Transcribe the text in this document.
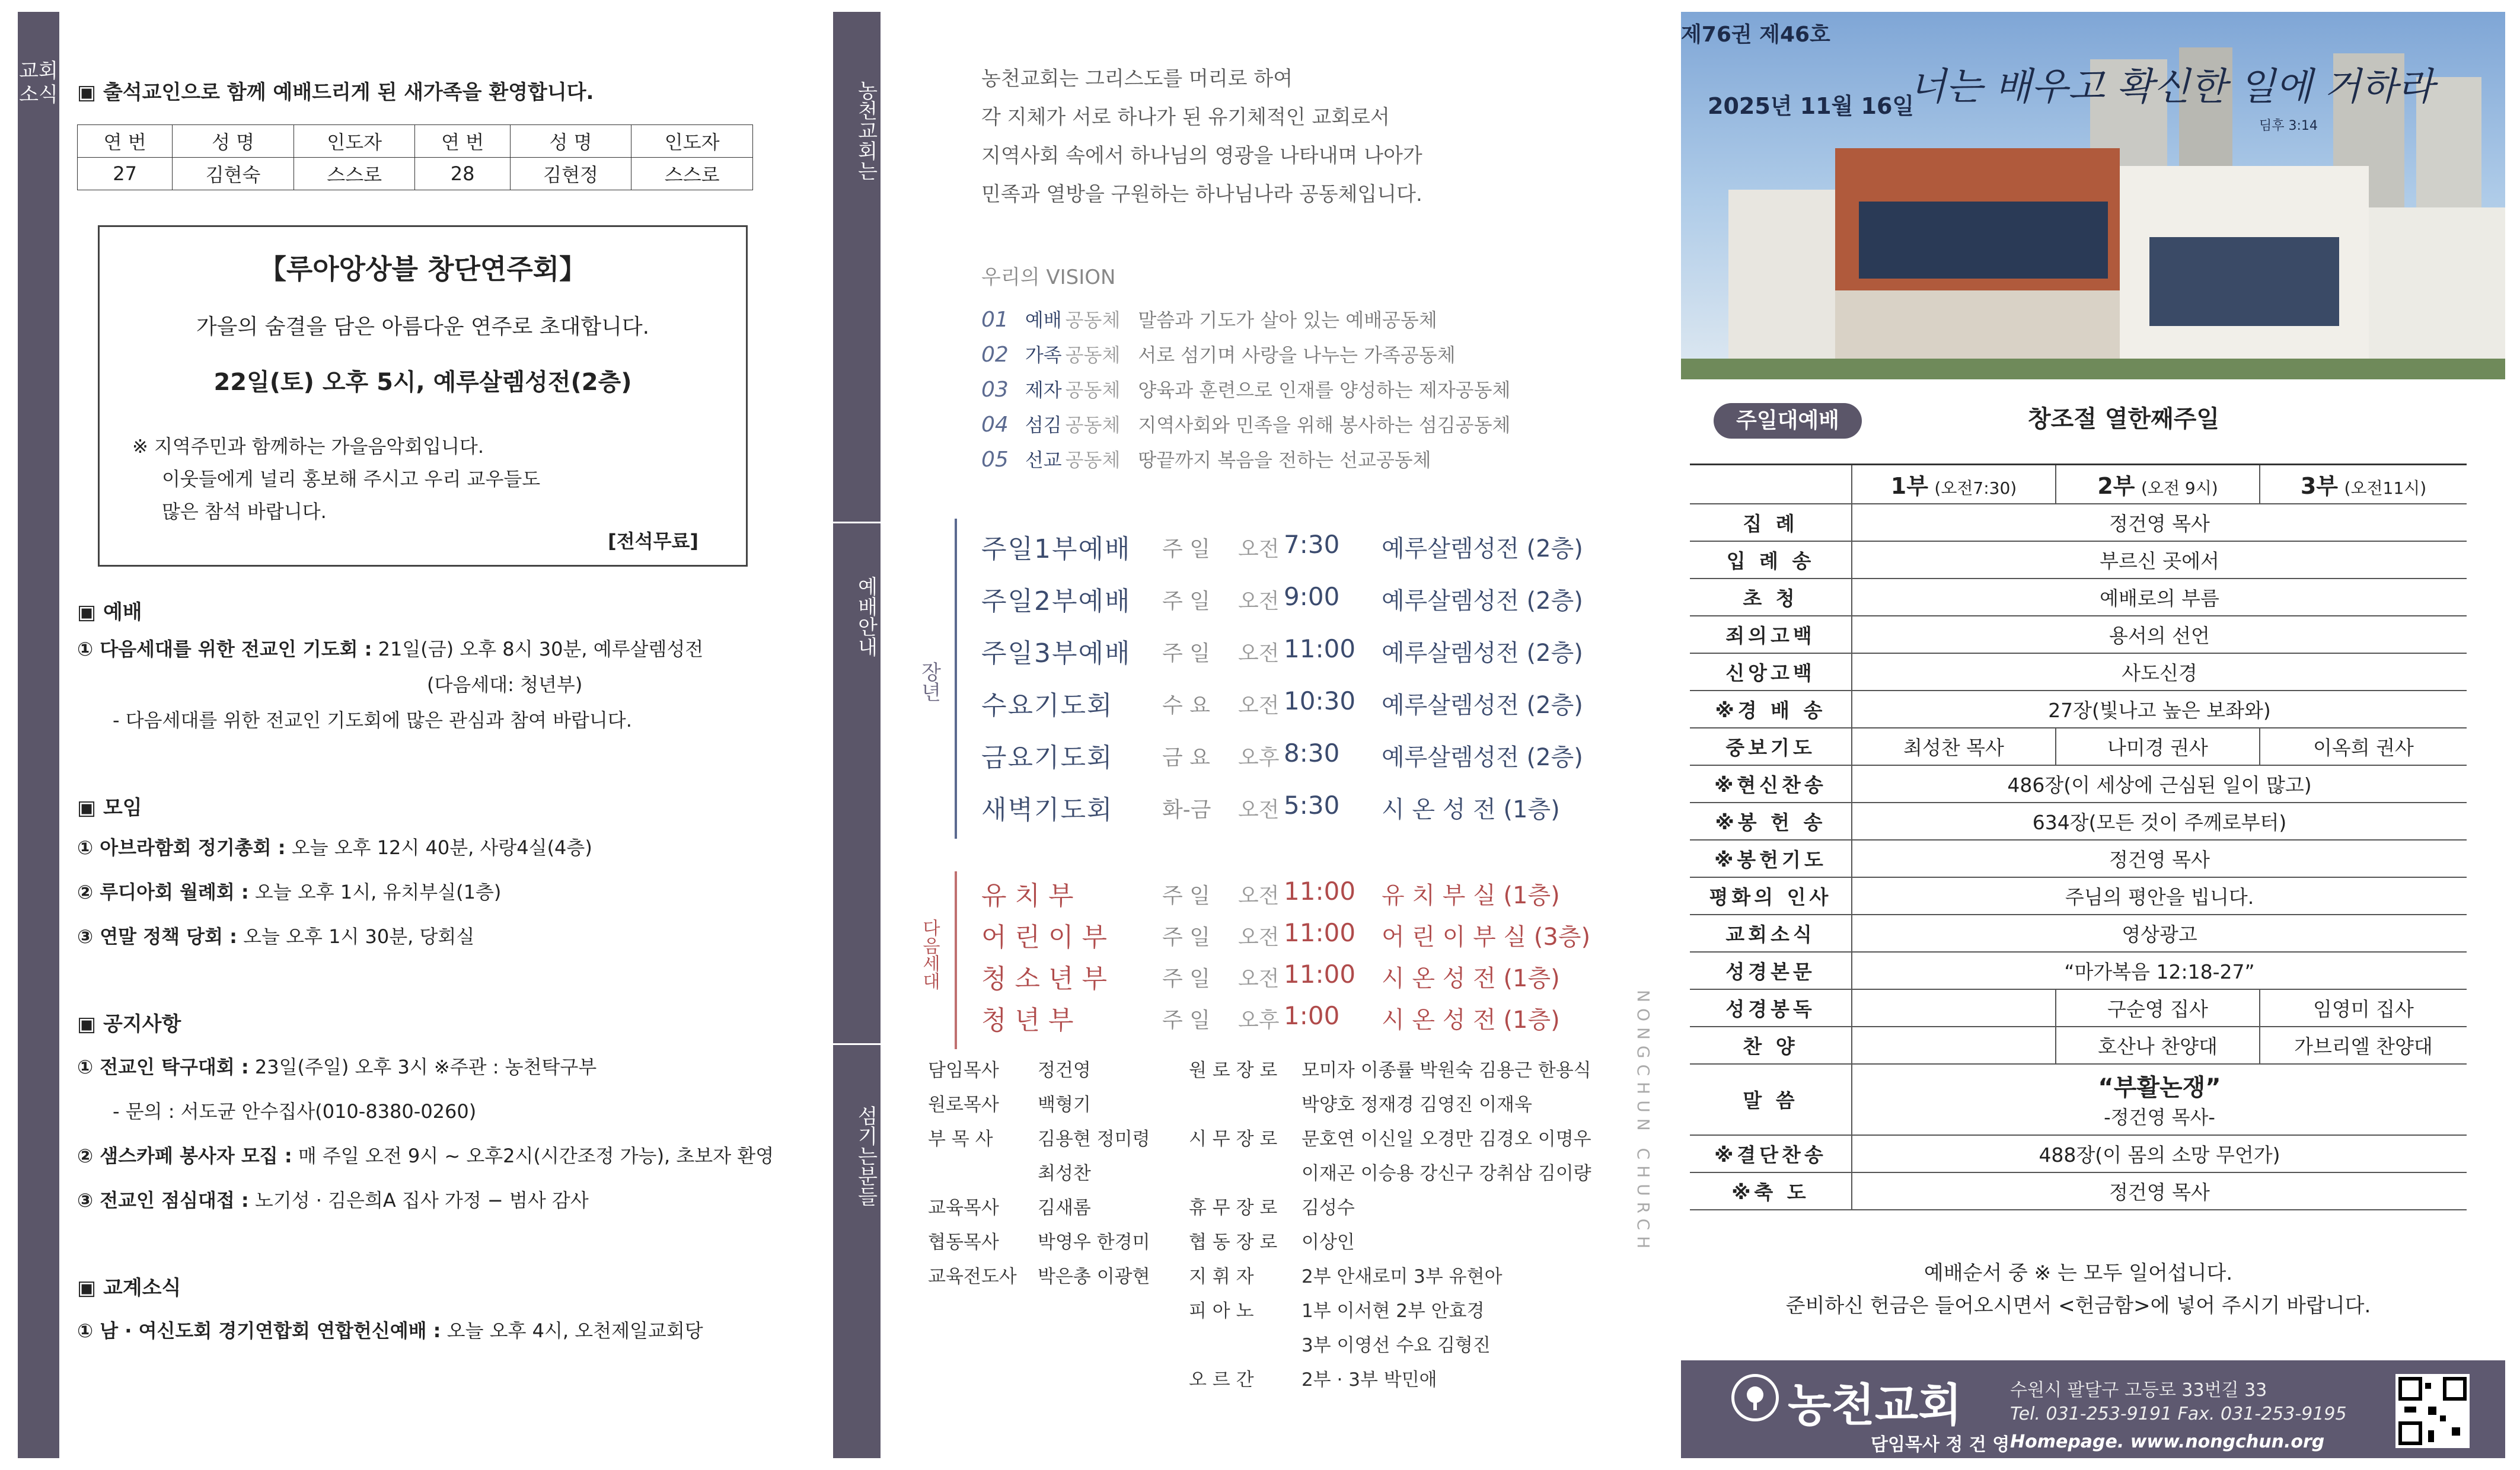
교회소식 ▣ 출석교인으로 함께 예배드리게 된 새가족을 환영합니다.
연 번	성 명	인도자	연 번	성 명	인도자
27	김현숙	스스로	28	김현정	스스로
【루아앙상블 창단연주회】
가을의 숨결을 담은 아름다운 연주로 초대합니다.
22일(토) 오후 5시, 예루살렘성전(2층)
※ 지역주민과 함께하는 가을음악회입니다.
이웃들에게 널리 홍보해 주시고 우리 교우들도
많은 참석 바랍니다.
[전석무료]
▣ 예배
① 다음세대를 위한 전교인 기도회 : 21일(금) 오후 8시 30분, 예루살렘성전
(다음세대: 청년부)
- 다음세대를 위한 전교인 기도회에 많은 관심과 참여 바랍니다.
▣ 모임
① 아브라함회 정기총회 : 오늘 오후 12시 40분, 사랑4실(4층)
② 루디아회 월례회 : 오늘 오후 1시, 유치부실(1층)
③ 연말 정책 당회 : 오늘 오후 1시 30분, 당회실
▣ 공지사항
① 전교인 탁구대회 : 23일(주일) 오후 3시 ※주관 : 농천탁구부
- 문의 : 서도균 안수집사(010-8380-0260)
② 샘스카페 봉사자 모집 : 매 주일 오전 9시 ~ 오후2시(시간조정 가능), 초보자 환영
③ 전교인 점심대접 : 노기성 · 김은희A 집사 가정 − 범사 감사
▣ 교계소식
① 남 · 여신도회 경기연합회 연합헌신예배 : 오늘 오후 4시, 오천제일교회당
농천교회는
예배안내
장년
다음세대
섬기는분들
농천교회는 그리스도를 머리로 하여
각 지체가 서로 하나가 된 유기체적인 교회로서
지역사회 속에서 하나님의 영광을 나타내며 나아가
민족과 열방을 구원하는 하나님나라 공동체입니다.
우리의 VISION
01 예배 공동체 말씀과 기도가 살아 있는 예배공동체
02 가족 공동체 서로 섬기며 사랑을 나누는 가족공동체
03 제자 공동체 양육과 훈련으로 인재를 양성하는 제자공동체
04 섬김 공동체 지역사회와 민족을 위해 봉사하는 섬김공동체
05 선교 공동체 땅끝까지 복음을 전하는 선교공동체
주일1부예배 주 일 오전 7:30 예루살렘성전 (2층)
주일2부예배 주 일 오전 9:00 예루살렘성전 (2층)
주일3부예배 주 일 오전 11:00 예루살렘성전 (2층)
수요기도회 수 요 오전 10:30 예루살렘성전 (2층)
금요기도회 금 요 오후 8:30 예루살렘성전 (2층)
새벽기도회 화-금 오전 5:30 시 온 성 전 (1층)
유 치 부	주 일 오전 11:00 유 치 부 실 (1층)
어 린 이 부	주 일 오전 11:00 어 린 이 부 실 (3층)
청 소 년 부	주 일 오전 11:00 시 온 성 전 (1층)
청 년 부	주 일 오후 1:00 시 온 성 전 (1층)
담임목사 정건영
원로목사 백형기
부 목 사 김용현 정미령
최성찬
교육목사 김새롬
협동목사 박영우 한경미
교육전도사 박은총 이광현
원 로 장 로 모미자 이종률 박원숙 김용근 한용식
박양호 정재경 김영진 이재욱
시 무 장 로 문호연 이신일 오경만 김경오 이명우
이재곤 이승용 강신구 강취삼 김이량
휴 무 장 로 김성수
협 동 장 로 이상인
지 휘 자	2부 안새로미 3부 유현아
피 아 노	1부 이서현 2부 안효경
3부 이영선 수요 김형진
오 르 간	2부 · 3부 박민애
NONGCHUN CHURCH
제76권 제46호
2025년 11월 16일
너는 배우고 확신한 일에 거하라
딤후 3:14
주일대예배	창조절 열한째주일
	1부 (오전7:30)	2부 (오전 9시)	3부 (오전11시)
집 례	정건영 목사		
입 례 송	부르신 곳에서		
초 청	예배로의 부름		
죄의고백	용서의 선언		
신앙고백	사도신경		
※경 배 송	27장(빛나고 높은 보좌와)		
중보기도	최성찬 목사	나미경 권사	이옥희 권사
※현신찬송	486장(이 세상에 근심된 일이 많고)		
※봉 헌 송	634장(모든 것이 주께로부터)		
※봉헌기도	정건영 목사		
평화의 인사	주님의 평안을 빕니다.		
교회소식	영상광고		
성경본문	“마가복음 12:18-27”		
성경봉독		구순영 집사	임영미 집사
찬 양		호산나 찬양대	가브리엘 찬양대
말 씀	“부활논쟁”
-정건영 목사-		

※결단찬송	488장(이 몸의 소망 무언가)		
※축 도	정건영 목사		
예배순서 중 ※ 는 모두 일어섭니다.
준비하신 헌금은 들어오시면서 <헌금함>에 넣어 주시기 바랍니다.
농천교회
담임목사 정 건 영
수원시 팔달구 고등로 33번길 33
Tel. 031-253-9191 Fax. 031-253-9195
Homepage. www.nongchun.org
